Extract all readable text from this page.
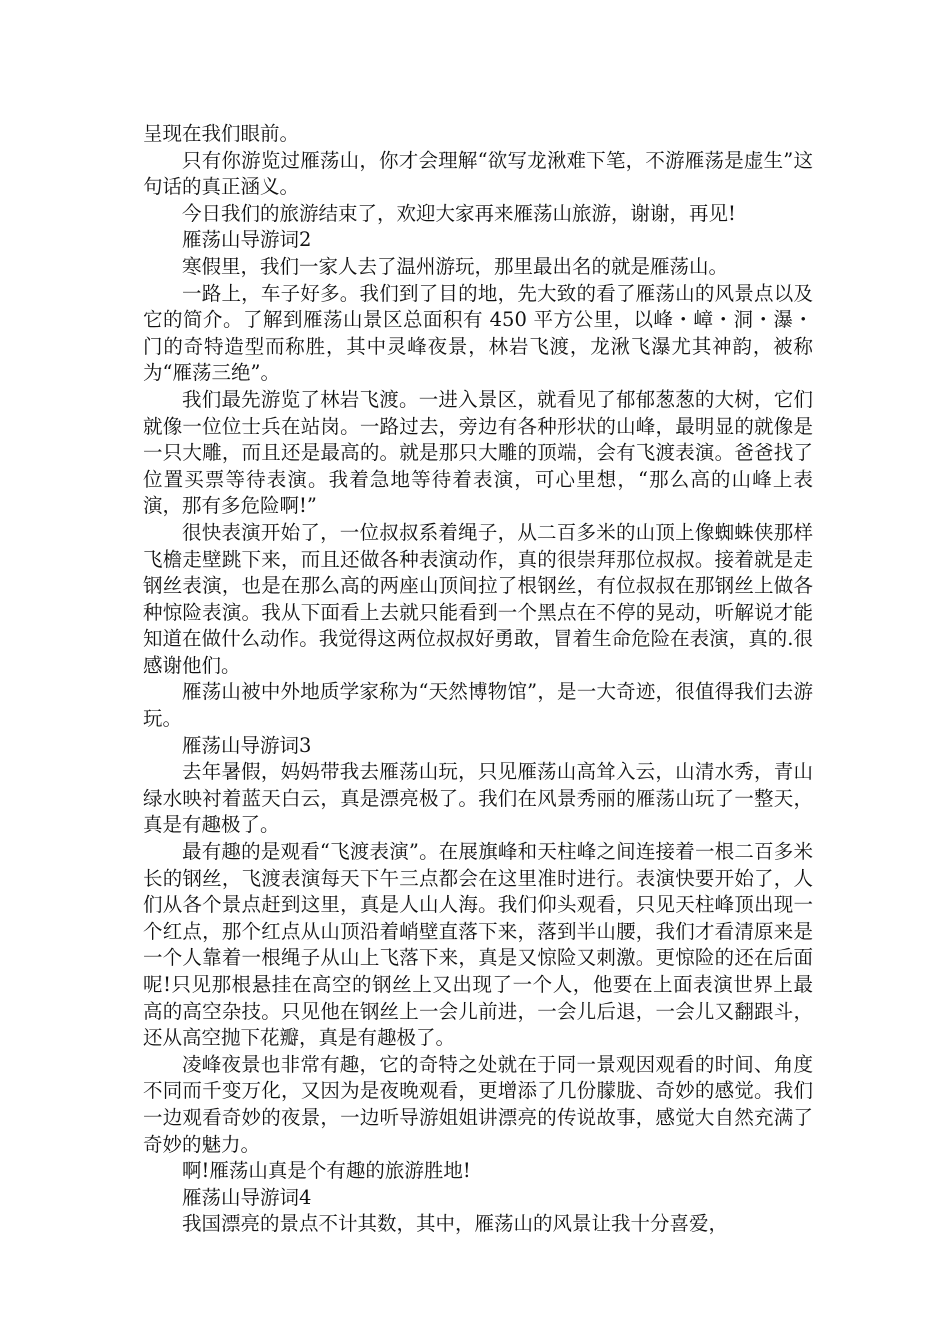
呈现在我们眼前。

只有你游览过雁荡山，你才会理解“欲写龙湫难下笔，不游雁荡是虚生”这句话的真正涵义。

今日我们的旅游结束了，欢迎大家再来雁荡山旅游，谢谢，再见!

雁荡山导游词2

寒假里，我们一家人去了温州游玩，那里最出名的就是雁荡山。

一路上，车子好多。我们到了目的地，先大致的看了雁荡山的风景点以及它的简介。了解到雁荡山景区总面积有 450 平方公里，以峰・嶂・洞・瀑・门的奇特造型而称胜，其中灵峰夜景，林岩飞渡，龙湫飞瀑尤其神韵，被称为“雁荡三绝”。

我们最先游览了林岩飞渡。一进入景区，就看见了郁郁葱葱的大树，它们就像一位位士兵在站岗。一路过去，旁边有各种形状的山峰，最明显的就像是一只大雕，而且还是最高的。就是那只大雕的顶端，会有飞渡表演。爸爸找了位置买票等待表演。我着急地等待着表演，可心里想，“那么高的山峰上表演，那有多危险啊!”

很快表演开始了，一位叔叔系着绳子，从二百多米的山顶上像蜘蛛侠那样飞檐走壁跳下来，而且还做各种表演动作，真的很崇拜那位叔叔。接着就是走钢丝表演，也是在那么高的两座山顶间拉了根钢丝，有位叔叔在那钢丝上做各种惊险表演。我从下面看上去就只能看到一个黑点在不停的晃动，听解说才能知道在做什么动作。我觉得这两位叔叔好勇敢，冒着生命危险在表演，真的.很感谢他们。

雁荡山被中外地质学家称为“天然博物馆”，是一大奇迹，很值得我们去游玩。

雁荡山导游词3

去年暑假，妈妈带我去雁荡山玩，只见雁荡山高耸入云，山清水秀，青山绿水映衬着蓝天白云，真是漂亮极了。我们在风景秀丽的雁荡山玩了一整天，真是有趣极了。

最有趣的是观看“飞渡表演”。在展旗峰和天柱峰之间连接着一根二百多米长的钢丝，飞渡表演每天下午三点都会在这里准时进行。表演快要开始了，人们从各个景点赶到这里，真是人山人海。我们仰头观看，只见天柱峰顶出现一个红点，那个红点从山顶沿着峭壁直落下来，落到半山腰，我们才看清原来是一个人靠着一根绳子从山上飞落下来，真是又惊险又刺激。更惊险的还在后面呢!只见那根悬挂在高空的钢丝上又出现了一个人，他要在上面表演世界上最高的高空杂技。只见他在钢丝上一会儿前进，一会儿后退，一会儿又翻跟斗，还从高空抛下花瓣，真是有趣极了。

凌峰夜景也非常有趣，它的奇特之处就在于同一景观因观看的时间、角度不同而千变万化，又因为是夜晚观看，更增添了几份朦胧、奇妙的感觉。我们一边观看奇妙的夜景，一边听导游姐姐讲漂亮的传说故事，感觉大自然充满了奇妙的魅力。

啊!雁荡山真是个有趣的旅游胜地!

雁荡山导游词4

我国漂亮的景点不计其数，其中，雁荡山的风景让我十分喜爱，
